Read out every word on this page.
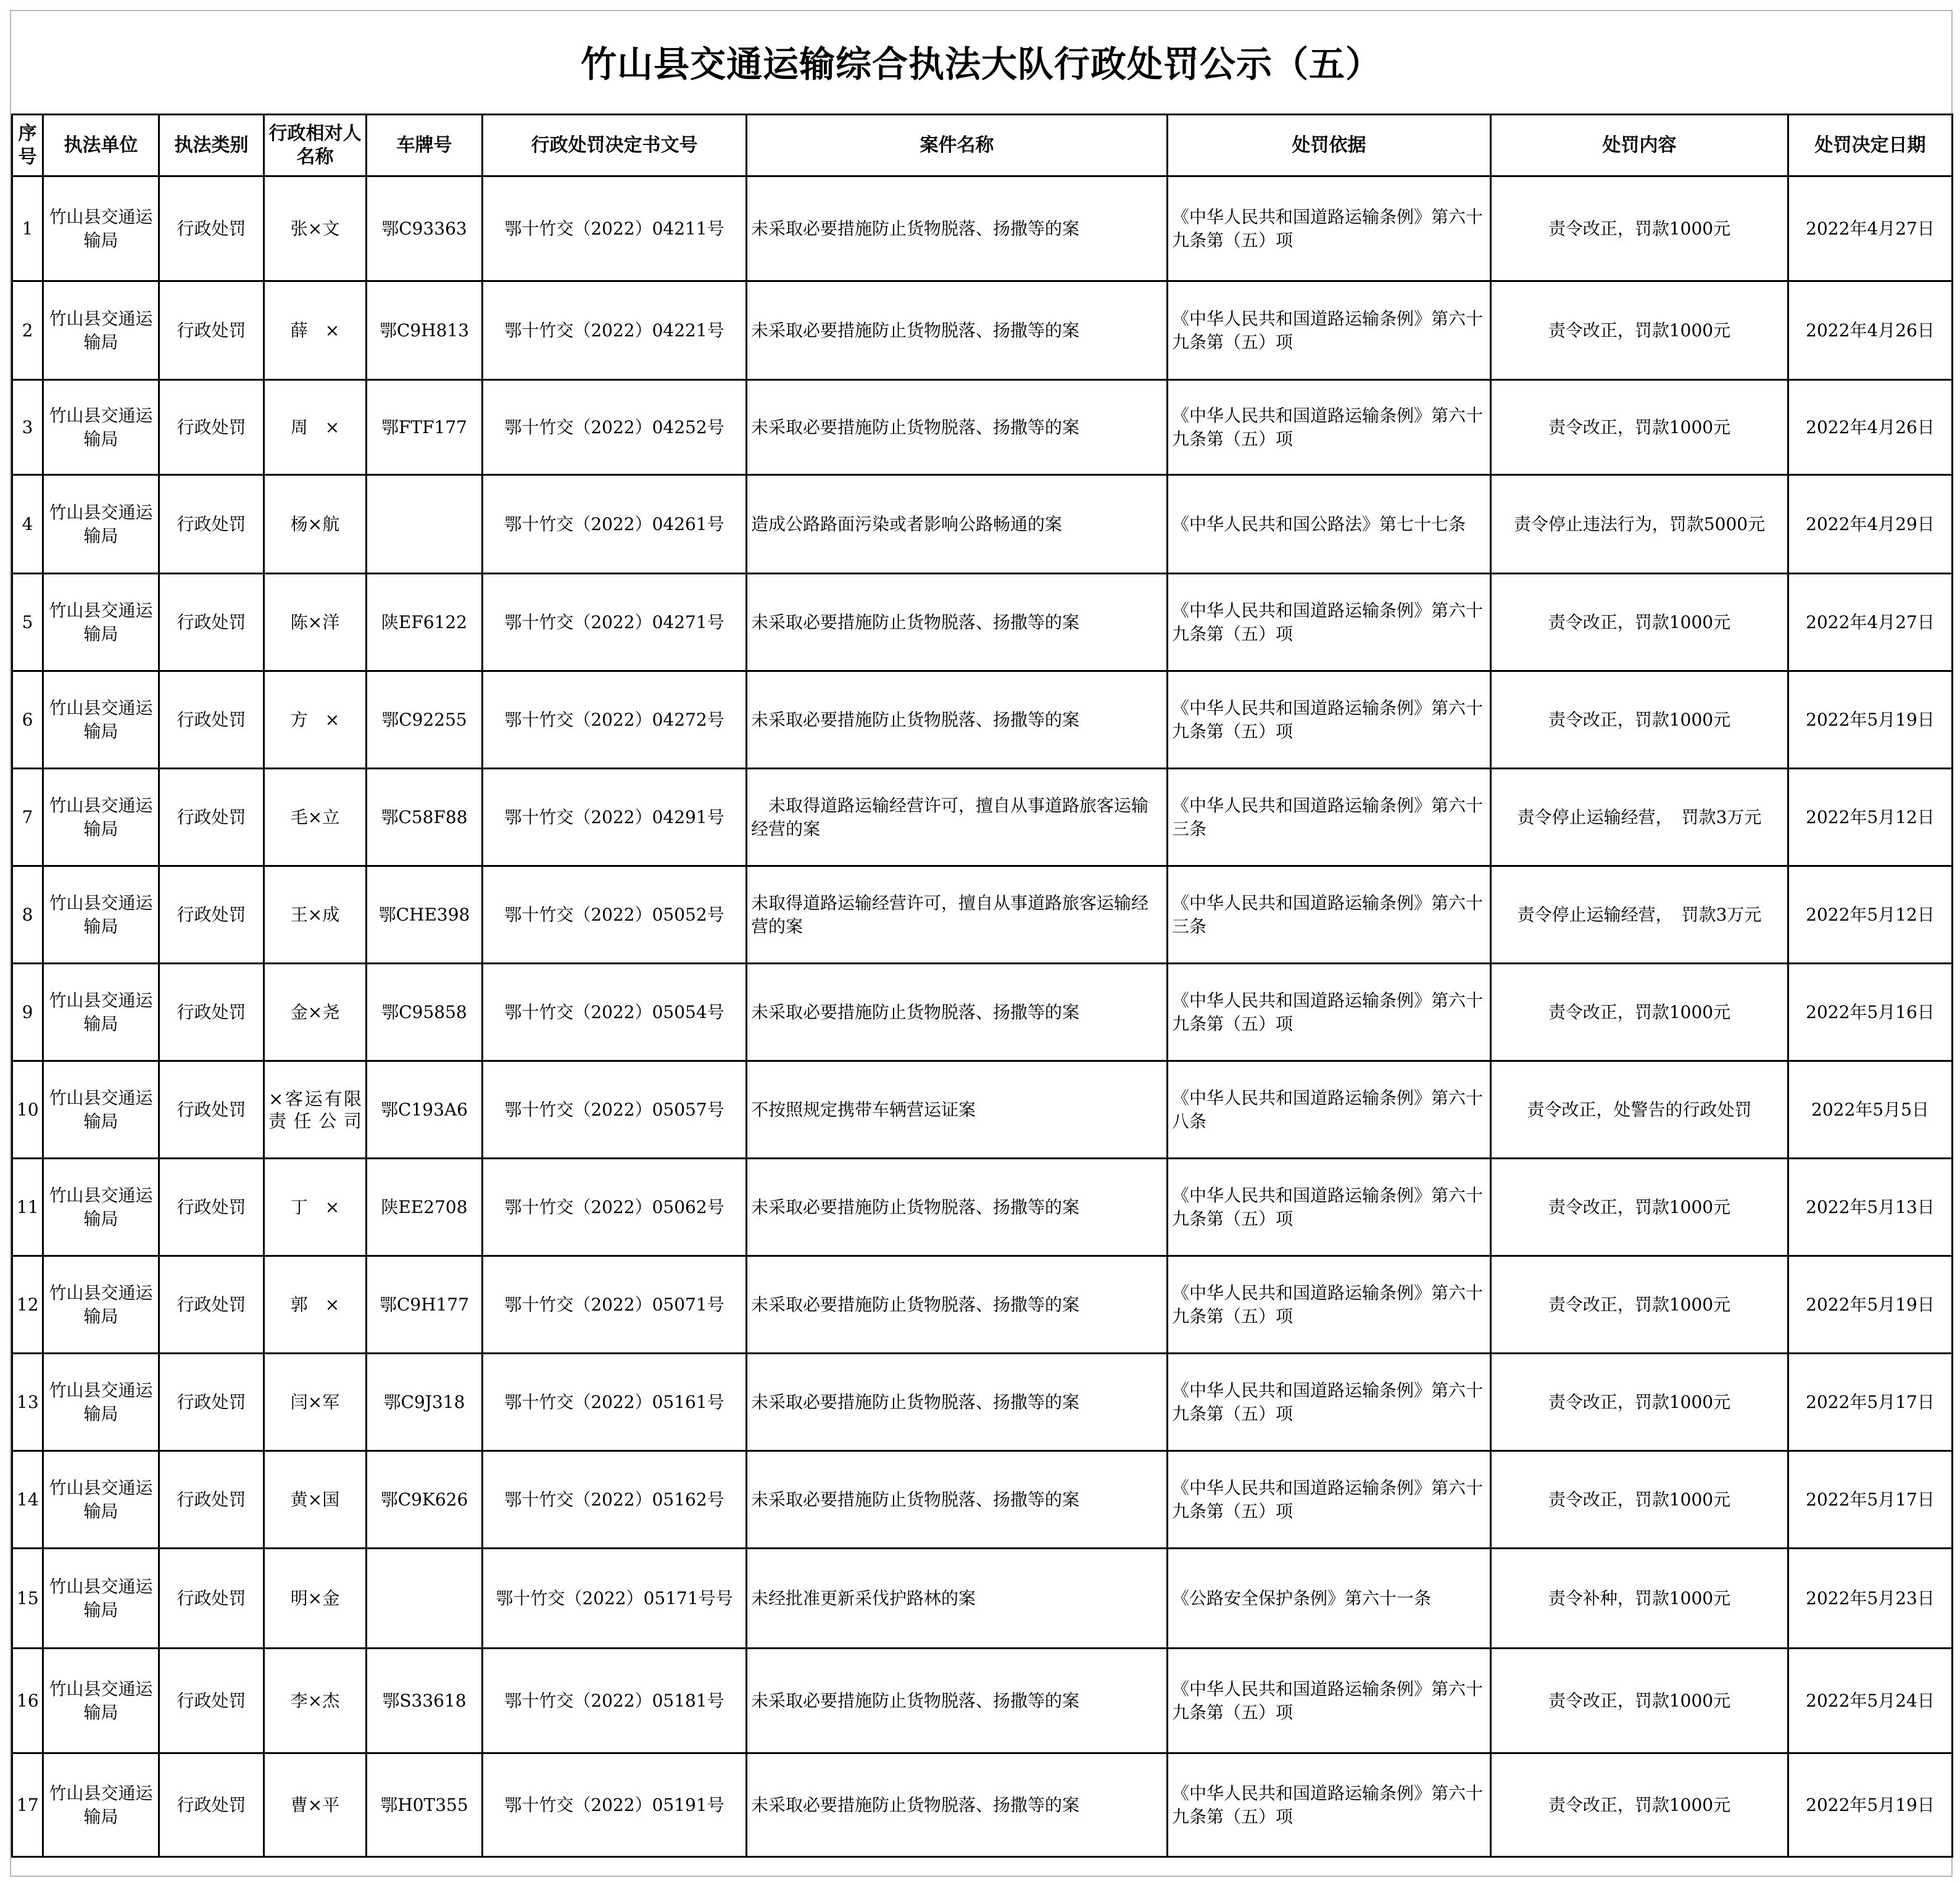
竹山县交通运输综合执法大队行政处罚公示（五）
序号	执法单位	执法类别	行政相对人名称	车牌号	行政处罚决定书文号	案件名称	处罚依据	处罚内容	处罚决定日期
1	竹山县交通运输局	行政处罚	张×文	鄂C93363	鄂十竹交（2022）04211号	未采取必要措施防止货物脱落、扬撒等的案	《中华人民共和国道路运输条例》第六十九条第（五）项	责令改正，罚款1000元	2022年4月27日
2	竹山县交通运输局	行政处罚	薛　×	鄂C9H813	鄂十竹交（2022）04221号	未采取必要措施防止货物脱落、扬撒等的案	《中华人民共和国道路运输条例》第六十九条第（五）项	责令改正，罚款1000元	2022年4月26日
3	竹山县交通运输局	行政处罚	周　×	鄂FTF177	鄂十竹交（2022）04252号	未采取必要措施防止货物脱落、扬撒等的案	《中华人民共和国道路运输条例》第六十九条第（五）项	责令改正，罚款1000元	2022年4月26日
4	竹山县交通运输局	行政处罚	杨×航		鄂十竹交（2022）04261号	造成公路路面污染或者影响公路畅通的案	《中华人民共和国公路法》第七十七条	责令停止违法行为，罚款5000元	2022年4月29日
5	竹山县交通运输局	行政处罚	陈×洋	陕EF6122	鄂十竹交（2022）04271号	未采取必要措施防止货物脱落、扬撒等的案	《中华人民共和国道路运输条例》第六十九条第（五）项	责令改正，罚款1000元	2022年4月27日
6	竹山县交通运输局	行政处罚	方　×	鄂C92255	鄂十竹交（2022）04272号	未采取必要措施防止货物脱落、扬撒等的案	《中华人民共和国道路运输条例》第六十九条第（五）项	责令改正，罚款1000元	2022年5月19日
7	竹山县交通运输局	行政处罚	毛×立	鄂C58F88	鄂十竹交（2022）04291号	　未取得道路运输经营许可，擅自从事道路旅客运输经营的案	《中华人民共和国道路运输条例》第六十三条	责令停止运输经营，　罚款3万元	2022年5月12日
8	竹山县交通运输局	行政处罚	王×成	鄂CHE398	鄂十竹交（2022）05052号	未取得道路运输经营许可，擅自从事道路旅客运输经营的案	《中华人民共和国道路运输条例》第六十三条	责令停止运输经营，　罚款3万元	2022年5月12日
9	竹山县交通运输局	行政处罚	金×尧	鄂C95858	鄂十竹交（2022）05054号	未采取必要措施防止货物脱落、扬撒等的案	《中华人民共和国道路运输条例》第六十九条第（五）项	责令改正，罚款1000元	2022年5月16日
10	竹山县交通运输局	行政处罚	×客运有限责任公司	鄂C193A6	鄂十竹交（2022）05057号	不按照规定携带车辆营运证案	《中华人民共和国道路运输条例》第六十八条	责令改正，处警告的行政处罚	2022年5月5日
11	竹山县交通运输局	行政处罚	丁　×	陕EE2708	鄂十竹交（2022）05062号	未采取必要措施防止货物脱落、扬撒等的案	《中华人民共和国道路运输条例》第六十九条第（五）项	责令改正，罚款1000元	2022年5月13日
12	竹山县交通运输局	行政处罚	郭　×	鄂C9H177	鄂十竹交（2022）05071号	未采取必要措施防止货物脱落、扬撒等的案	《中华人民共和国道路运输条例》第六十九条第（五）项	责令改正，罚款1000元	2022年5月19日
13	竹山县交通运输局	行政处罚	闫×军	鄂C9J318	鄂十竹交（2022）05161号	未采取必要措施防止货物脱落、扬撒等的案	《中华人民共和国道路运输条例》第六十九条第（五）项	责令改正，罚款1000元	2022年5月17日
14	竹山县交通运输局	行政处罚	黄×国	鄂C9K626	鄂十竹交（2022）05162号	未采取必要措施防止货物脱落、扬撒等的案	《中华人民共和国道路运输条例》第六十九条第（五）项	责令改正，罚款1000元	2022年5月17日
15	竹山县交通运输局	行政处罚	明×金		鄂十竹交（2022）05171号号	未经批准更新采伐护路林的案	《公路安全保护条例》第六十一条	责令补种，罚款1000元	2022年5月23日
16	竹山县交通运输局	行政处罚	李×杰	鄂S33618	鄂十竹交（2022）05181号	未采取必要措施防止货物脱落、扬撒等的案	《中华人民共和国道路运输条例》第六十九条第（五）项	责令改正，罚款1000元	2022年5月24日
17	竹山县交通运输局	行政处罚	曹×平	鄂H0T355	鄂十竹交（2022）05191号	未采取必要措施防止货物脱落、扬撒等的案	《中华人民共和国道路运输条例》第六十九条第（五）项	责令改正，罚款1000元	2022年5月19日
